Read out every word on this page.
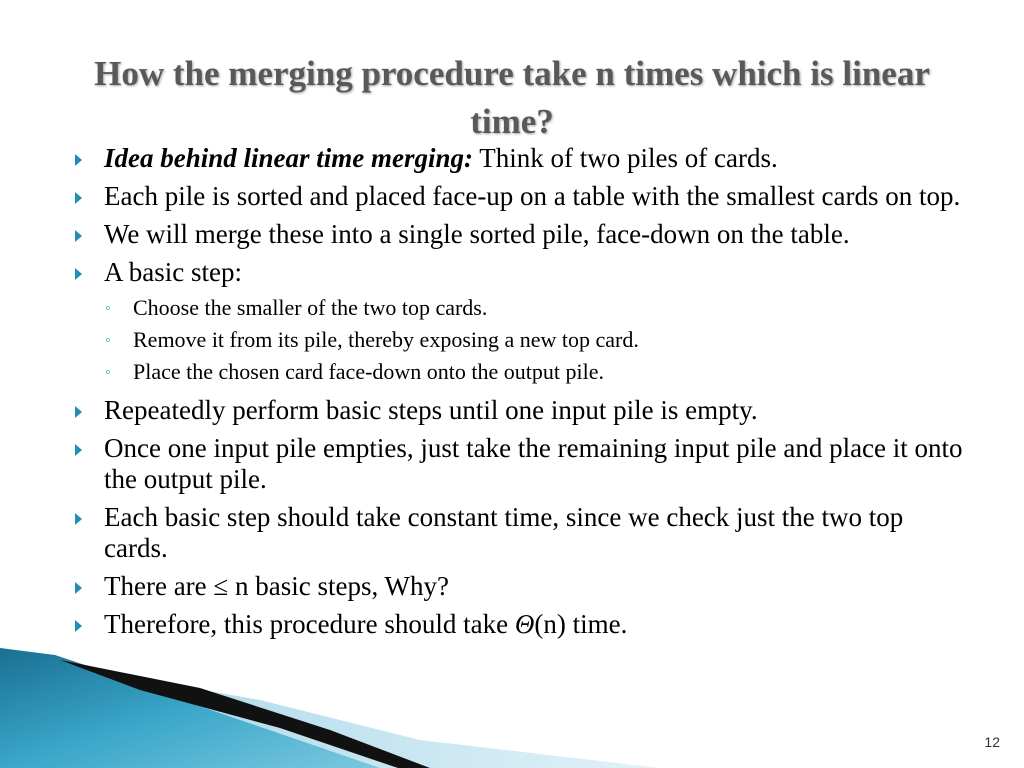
How the merging procedure take n times which is linear time?
Idea behind linear time merging: Think of two piles of cards.
Each pile is sorted and placed face-up on a table with the smallest cards on top.
We will merge these into a single sorted pile, face-down on the table.
A basic step:
◦ Choose the smaller of the two top cards.
◦ Remove it from its pile, thereby exposing a new top card.
◦ Place the chosen card face-down onto the output pile.
Repeatedly perform basic steps until one input pile is empty.
Once one input pile empties, just take the remaining input pile and place it onto the output pile.
Each basic step should take constant time, since we check just the two top cards.
There are ≤ n basic steps, Why?
Therefore, this procedure should take Θ(n) time.
12
